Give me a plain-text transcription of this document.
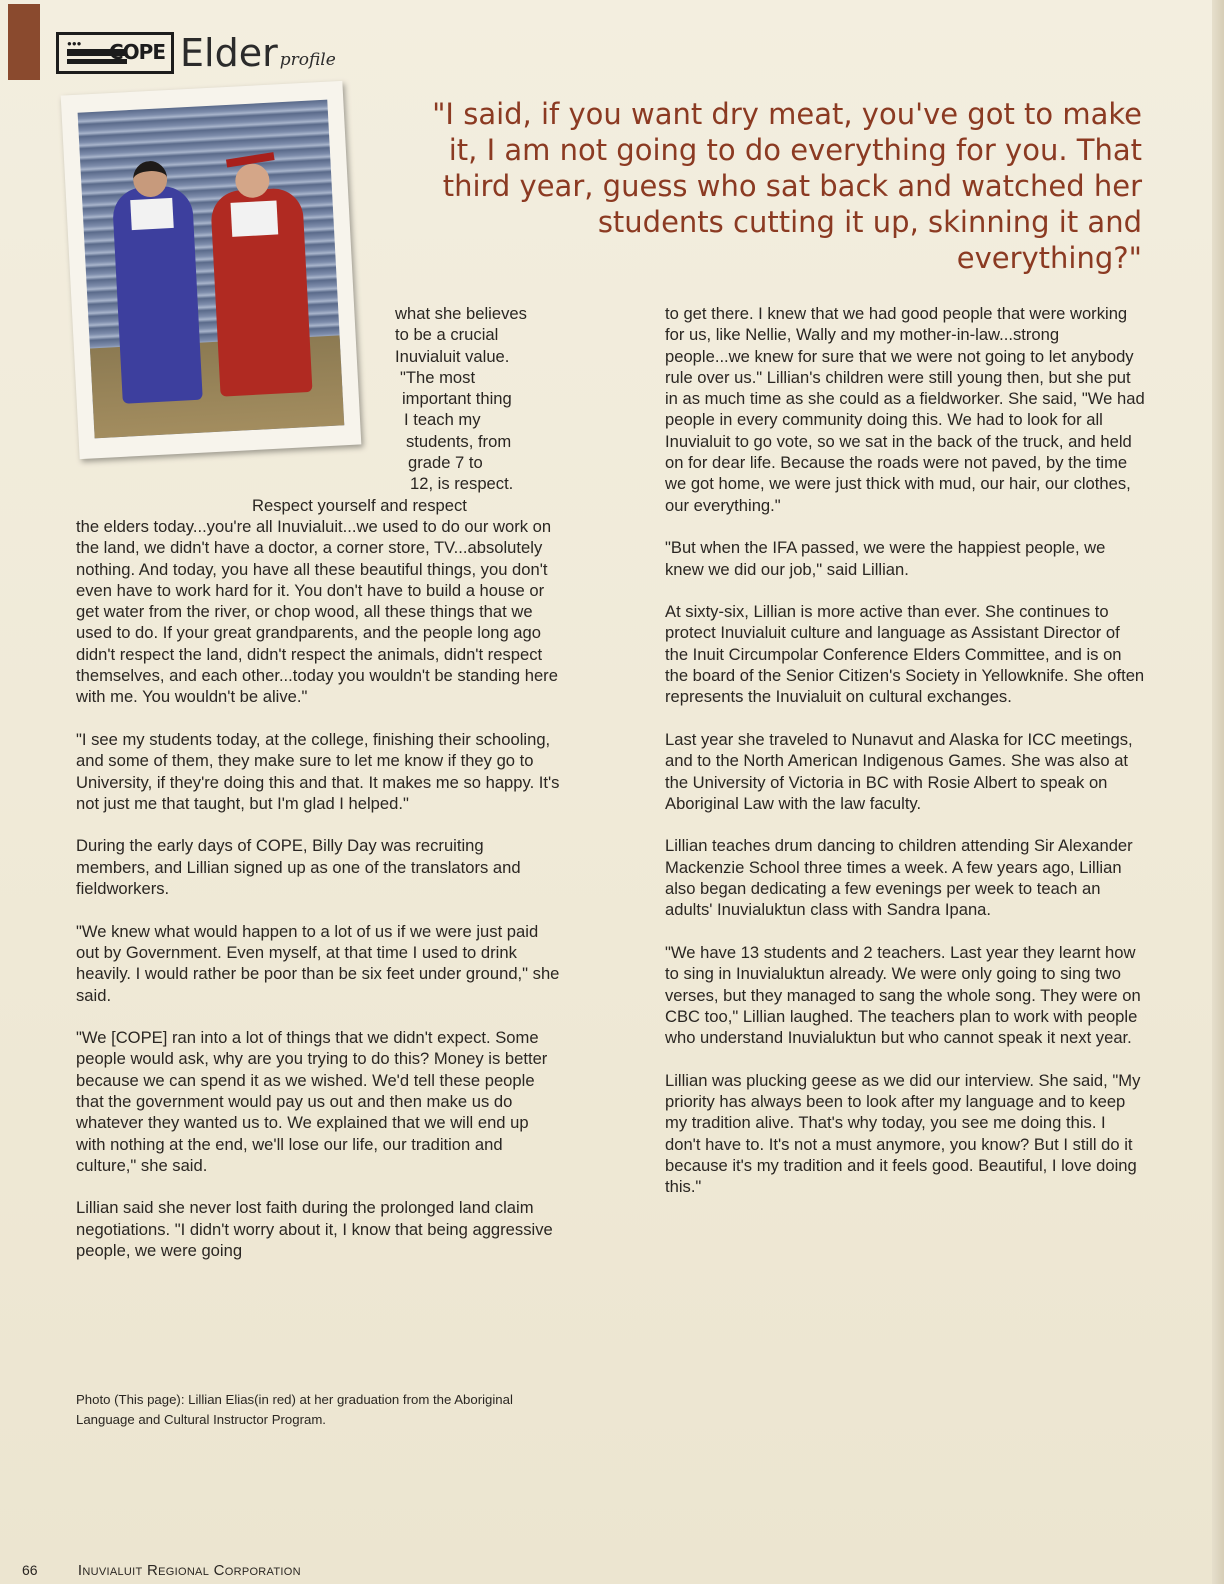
●●● COPE Elder profile
"I said, if you want dry meat, you've got to make it, I am not going to do everything for you. That third year, guess who sat back and watched her students cutting it up, skinning it and everything?"
what she believes
to be a crucial
Inuvialuit value.
"The most
important thing
I teach my
students, from
grade 7 to
12, is respect.
Respect yourself and respect

the elders today...you're all Inuvialuit...we used to do our work on the land, we didn't have a doctor, a corner store, TV...absolutely nothing. And today, you have all these beautiful things, you don't even have to work hard for it. You don't have to build a house or get water from the river, or chop wood, all these things that we used to do. If your great grandparents, and the people long ago didn't respect the land, didn't respect the animals, didn't respect themselves, and each other...today you wouldn't be standing here with me. You wouldn't be alive."

"I see my students today, at the college, finishing their schooling, and some of them, they make sure to let me know if they go to University, if they're doing this and that. It makes me so happy. It's not just me that taught, but I'm glad I helped."

During the early days of COPE, Billy Day was recruiting members, and Lillian signed up as one of the translators and fieldworkers.

"We knew what would happen to a lot of us if we were just paid out by Government. Even myself, at that time I used to drink heavily. I would rather be poor than be six feet under ground," she said.

"We [COPE] ran into a lot of things that we didn't expect. Some people would ask, why are you trying to do this? Money is better because we can spend it as we wished. We'd tell these people that the government would pay us out and then make us do whatever they wanted us to. We explained that we will end up with nothing at the end, we'll lose our life, our tradition and culture," she said.

Lillian said she never lost faith during the prolonged land claim negotiations. "I didn't worry about it, I know that being aggressive people, we were going

to get there. I knew that we had good people that were working for us, like Nellie, Wally and my mother-in-law...strong people...we knew for sure that we were not going to let anybody rule over us." Lillian's children were still young then, but she put in as much time as she could as a fieldworker. She said, "We had people in every community doing this. We had to look for all Inuvialuit to go vote, so we sat in the back of the truck, and held on for dear life. Because the roads were not paved, by the time we got home, we were just thick with mud, our hair, our clothes, our everything."

"But when the IFA passed, we were the happiest people, we knew we did our job," said Lillian.

At sixty-six, Lillian is more active than ever. She continues to protect Inuvialuit culture and language as Assistant Director of the Inuit Circumpolar Conference Elders Committee, and is on the board of the Senior Citizen's Society in Yellowknife. She often represents the Inuvialuit on cultural exchanges.

Last year she traveled to Nunavut and Alaska for ICC meetings, and to the North American Indigenous Games. She was also at the University of Victoria in BC with Rosie Albert to speak on Aboriginal Law with the law faculty.

Lillian teaches drum dancing to children attending Sir Alexander Mackenzie School three times a week. A few years ago, Lillian also began dedicating a few evenings per week to teach an adults' Inuvialuktun class with Sandra Ipana.

"We have 13 students and 2 teachers. Last year they learnt how to sing in Inuvialuktun already. We were only going to sing two verses, but they managed to sang the whole song. They were on CBC too," Lillian laughed. The teachers plan to work with people who understand Inuvialuktun but who cannot speak it next year.

Lillian was plucking geese as we did our interview. She said, "My priority has always been to look after my language and to keep my tradition alive. That's why today, you see me doing this. I don't have to. It's not a must anymore, you know? But I still do it because it's my tradition and it feels good. Beautiful, I love doing this."

Photo (This page): Lillian Elias(in red) at her graduation from the Aboriginal Language and Cultural Instructor Program.
66	Inuvialuit Regional Corporation
